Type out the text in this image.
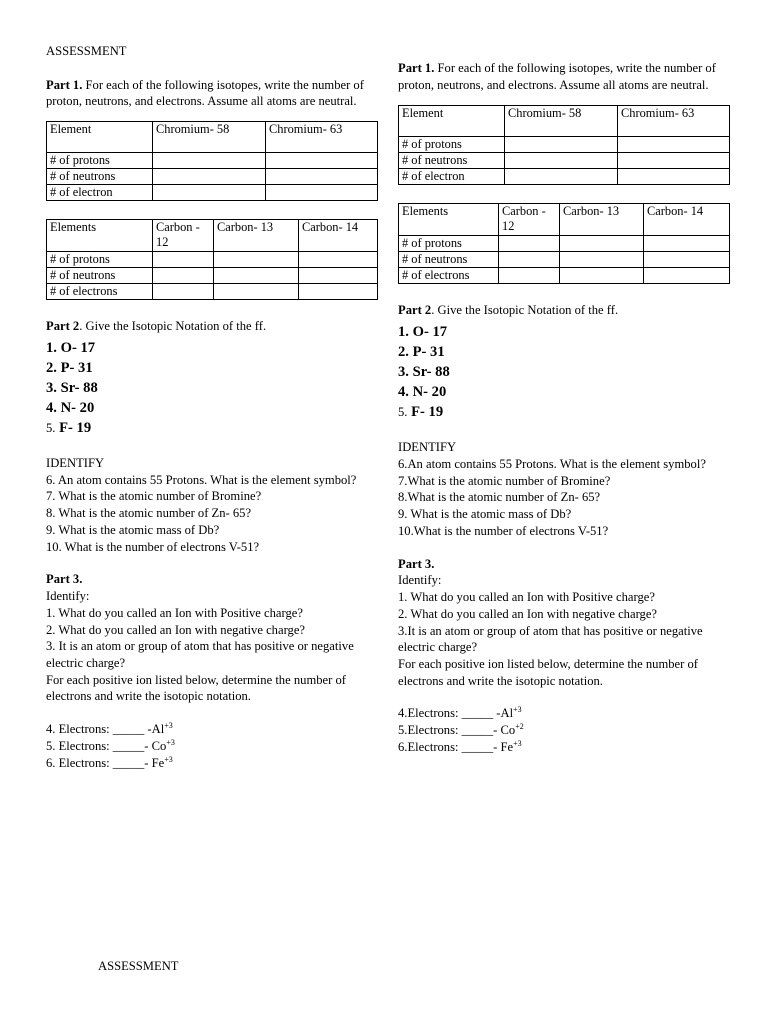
ASSESSMENT

Part 1. For each of the following isotopes, write the number of proton, neutrons, and electrons. Assume all atoms are neutral.

Element	Chromium- 58	Chromium- 63
# of protons		
# of neutrons		
# of electron		
Elements	Carbon - 12	Carbon- 13	Carbon- 14
# of protons			
# of neutrons			
# of electrons			

Part 2. Give the Isotopic Notation of the ff.

1. O- 17
2. P- 31
3. Sr- 88
4. N- 20
5. F- 19

IDENTIFY

6. An atom contains 55 Protons. What is the element symbol?

7. What is the atomic number of Bromine?

8. What is the atomic number of Zn- 65?

9. What is the atomic mass of Db?

10. What is the number of electrons V-51?

Part 3.

Identify:

1. What do you called an Ion with Positive charge?

2. What do you called an Ion with negative charge?

3. It is an atom or group of atom that has positive or negative electric charge?

For each positive ion listed below, determine the number of electrons and write the isotopic notation.

4. Electrons: _____ $-Al^{+3}$

5. Electrons: _____- $Co^{+3}$

6. Electrons: _____- $Fe^{+3}$

Part 1. For each of the following isotopes, write the number of proton, neutrons, and electrons. Assume all atoms are neutral.

Element	Chromium- 58	Chromium- 63
# of protons		
# of neutrons		
# of electron		
Elements	Carbon - 12	Carbon- 13	Carbon- 14
# of protons			
# of neutrons			
# of electrons			

Part 2. Give the Isotopic Notation of the ff.

1. O- 17
2. P- 31
3. Sr- 88
4. N- 20
5. F- 19

IDENTIFY

6.An atom contains 55 Protons. What is the element symbol?

7.What is the atomic number of Bromine?

8.What is the atomic number of Zn- 65?

9. What is the atomic mass of Db?

10.What is the number of electrons V-51?

Part 3.

Identify:

1. What do you called an Ion with Positive charge?

2. What do you called an Ion with negative charge?

3.It is an atom or group of atom that has positive or negative electric charge?

For each positive ion listed below, determine the number of electrons and write the isotopic notation.

4.Electrons: _____ $-Al^{+3}$

5.Electrons: _____- $Co^{+2}$

6.Electrons: _____- $Fe^{+3}$

ASSESSMENT
